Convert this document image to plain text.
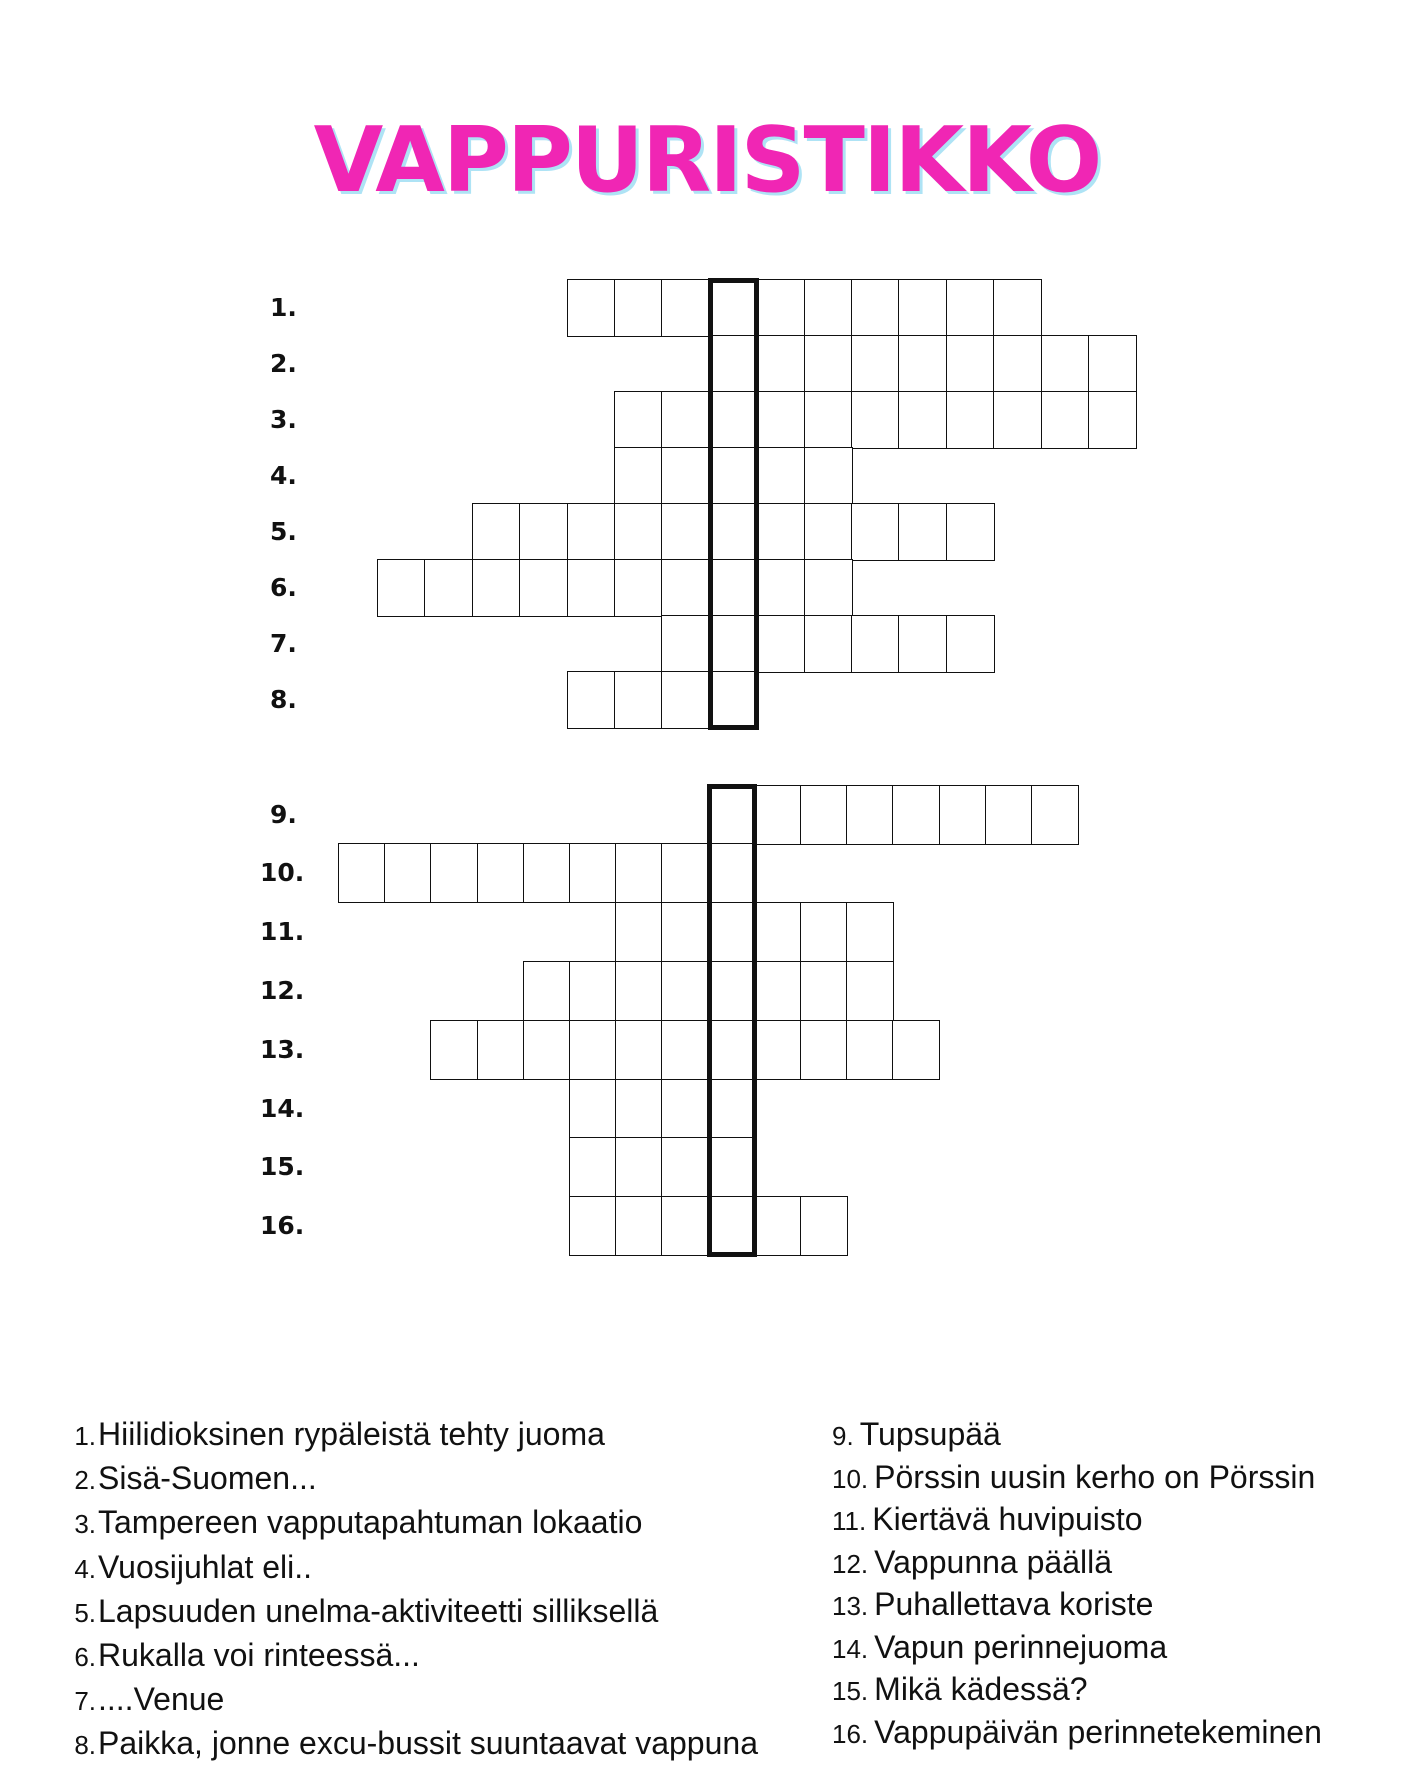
VAPPURISTIKKO
1.
2.
3.
4.
5.
6.
7.
8.
9.
10.
11.
12.
13.
14.
15.
16.
1.Hiilidioksinen rypäleistä tehty juoma
2.Sisä-Suomen...
3.Tampereen vapputapahtuman lokaatio
4.Vuosijuhlat eli..
5.Lapsuuden unelma-aktiviteetti silliksellä
6.Rukalla voi rinteessä...
7.....Venue
8.Paikka, jonne excu-bussit suuntaavat vappuna
9. Tupsupää
10. Pörssin uusin kerho on Pörssin
11. Kiertävä huvipuisto
12. Vappunna päällä
13. Puhallettava koriste
14. Vapun perinnejuoma
15. Mikä kädessä?
16. Vappupäivän perinnetekeminen
